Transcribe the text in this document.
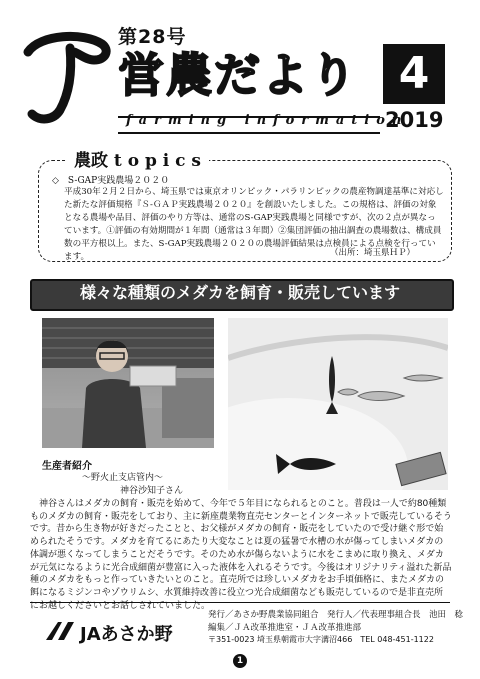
第28号
営農だより 4
2019
farming information
農政 t o p i c s
◇　S-GAP実践農場２０２０
平成30年２月２日から、埼玉県では東京オリンピック・パラリンピックの農産物調達基準に対応した新たな評価規格『Ｓ-ＧＡＰ実践農場２０２０』を創設いたしました。この規格は、評価の対象となる農場や品目、評価のやり方等は、通常のS-GAP実践農場と同様ですが、次の２点が異なっています。①評価の有効期間が１年間（通常は３年間）②集団評価の抽出調査の農場数は、構成員数の平方根以上。また、S-GAP実践農場２０２０の農場評価結果は点検員による点検を行っています。	（出所：埼玉県ＨＰ）
様々な種類のメダカを飼育・販売しています
生産者紹介
～野火止支店管内～
神谷沙知子さん
神谷さんはメダカの飼育・販売を始めて、今年で５年目になられるとのこと。普段は一人で約80種類ものメダカの飼育・販売をしており、主に新座農業物直売センターとインターネットで販売しているそうです。昔から生き物が好きだったことと、お父様がメダカの飼育・販売をしていたので受け継ぐ形で始められたそうです。メダカを育てるにあたり大変なことは夏の猛暑で水槽の水が傷ってしまいメダカの体調が悪くなってしまうことだそうです。そのため水が傷らないように水をこまめに取り換え、メダカが元気になるように光合成細菌が豊富に入った液体を入れるそうです。今後はオリジナリティ溢れた新品種のメダカをもっと作っていきたいとのこと。直売所では珍しいメダカをお手頃価格に、またメダカの餌になるミジンコやゾウリムシ、水質維持改善に役立つ光合成細菌なども販売しているので是非直売所にお越しくださいとお話しされていました。
JAあさか野
発行／あさか野農業協同組合　発行人／代表理事組合長　池田　稔
編集／ＪＡ改革推進室・ＪＡ改革推進部
〒351-0023 埼玉県朝霞市大字溝沼466　TEL 048-451-1122
1
